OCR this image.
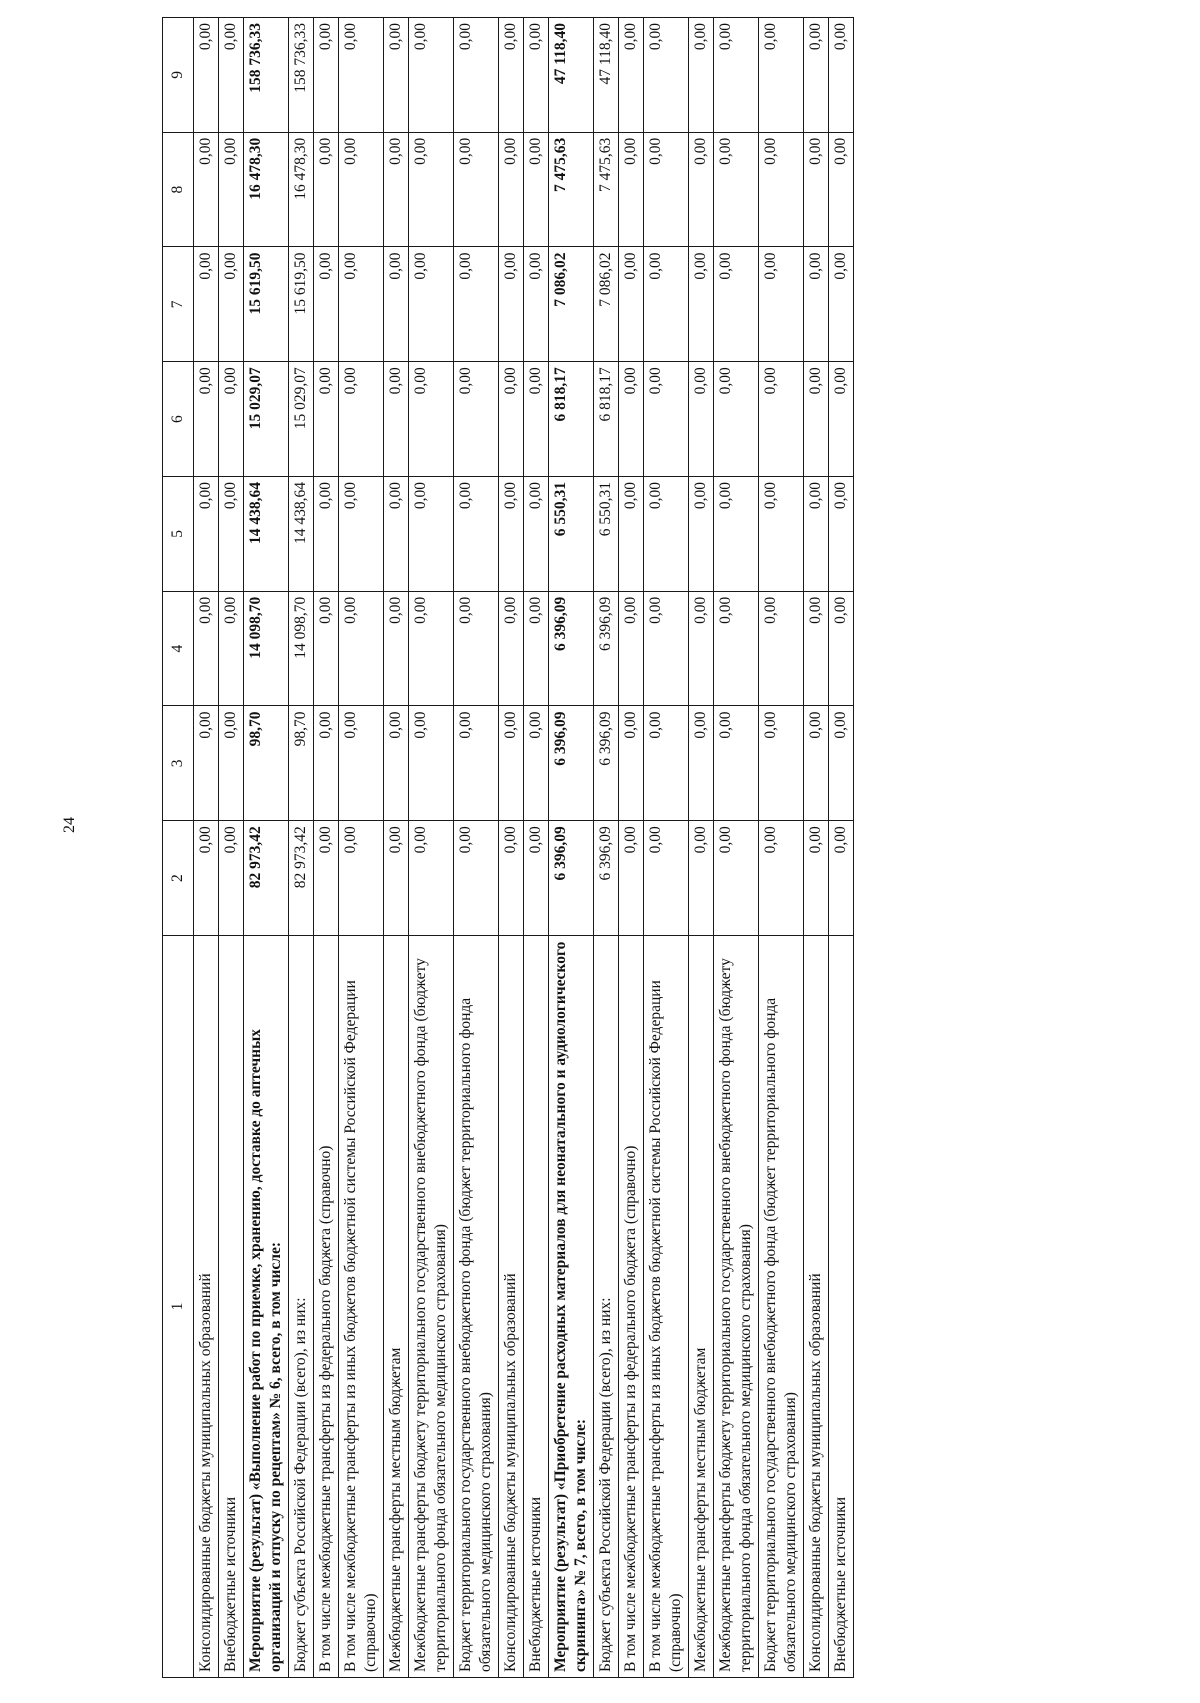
24
1	2	3	4	5	6	7	8	9
Консолидированные бюджеты муниципальных образований	0,00	0,00	0,00	0,00	0,00	0,00	0,00	0,00
Внебюджетные источники	0,00	0,00	0,00	0,00	0,00	0,00	0,00	0,00
Мероприятие (результат) «Выполнение работ по приемке, хранению, доставке до аптечных организаций и отпуску по рецептам» № 6, всего, в том числе:	82 973,42	98,70	14 098,70	14 438,64	15 029,07	15 619,50	16 478,30	158 736,33
Бюджет субъекта Российской Федерации (всего), из них:	82 973,42	98,70	14 098,70	14 438,64	15 029,07	15 619,50	16 478,30	158 736,33
В том числе межбюджетные трансферты из федерального бюджета (справочно)	0,00	0,00	0,00	0,00	0,00	0,00	0,00	0,00
В том числе межбюджетные трансферты из иных бюджетов бюджетной системы Российской Федерации (справочно)	0,00	0,00	0,00	0,00	0,00	0,00	0,00	0,00
Межбюджетные трансферты местным бюджетам	0,00	0,00	0,00	0,00	0,00	0,00	0,00	0,00
Межбюджетные трансферты бюджету территориального государственного внебюджетного фонда (бюджету территориального фонда обязательного медицинского страхования)	0,00	0,00	0,00	0,00	0,00	0,00	0,00	0,00
Бюджет территориального государственного внебюджетного фонда (бюджет территориального фонда обязательного медицинского страхования)	0,00	0,00	0,00	0,00	0,00	0,00	0,00	0,00
Консолидированные бюджеты муниципальных образований	0,00	0,00	0,00	0,00	0,00	0,00	0,00	0,00
Внебюджетные источники	0,00	0,00	0,00	0,00	0,00	0,00	0,00	0,00
Мероприятие (результат) «Приобретение расходных материалов для неонатального и аудиологического скрининга» № 7, всего, в том числе:	6 396,09	6 396,09	6 396,09	6 550,31	6 818,17	7 086,02	7 475,63	47 118,40
Бюджет субъекта Российской Федерации (всего), из них:	6 396,09	6 396,09	6 396,09	6 550,31	6 818,17	7 086,02	7 475,63	47 118,40
В том числе межбюджетные трансферты из федерального бюджета (справочно)	0,00	0,00	0,00	0,00	0,00	0,00	0,00	0,00
В том числе межбюджетные трансферты из иных бюджетов бюджетной системы Российской Федерации (справочно)	0,00	0,00	0,00	0,00	0,00	0,00	0,00	0,00
Межбюджетные трансферты местным бюджетам	0,00	0,00	0,00	0,00	0,00	0,00	0,00	0,00
Межбюджетные трансферты бюджету территориального государственного внебюджетного фонда (бюджету территориального фонда обязательного медицинского страхования)	0,00	0,00	0,00	0,00	0,00	0,00	0,00	0,00
Бюджет территориального государственного внебюджетного фонда (бюджет территориального фонда обязательного медицинского страхования)	0,00	0,00	0,00	0,00	0,00	0,00	0,00	0,00
Консолидированные бюджеты муниципальных образований	0,00	0,00	0,00	0,00	0,00	0,00	0,00	0,00
Внебюджетные источники	0,00	0,00	0,00	0,00	0,00	0,00	0,00	0,00
